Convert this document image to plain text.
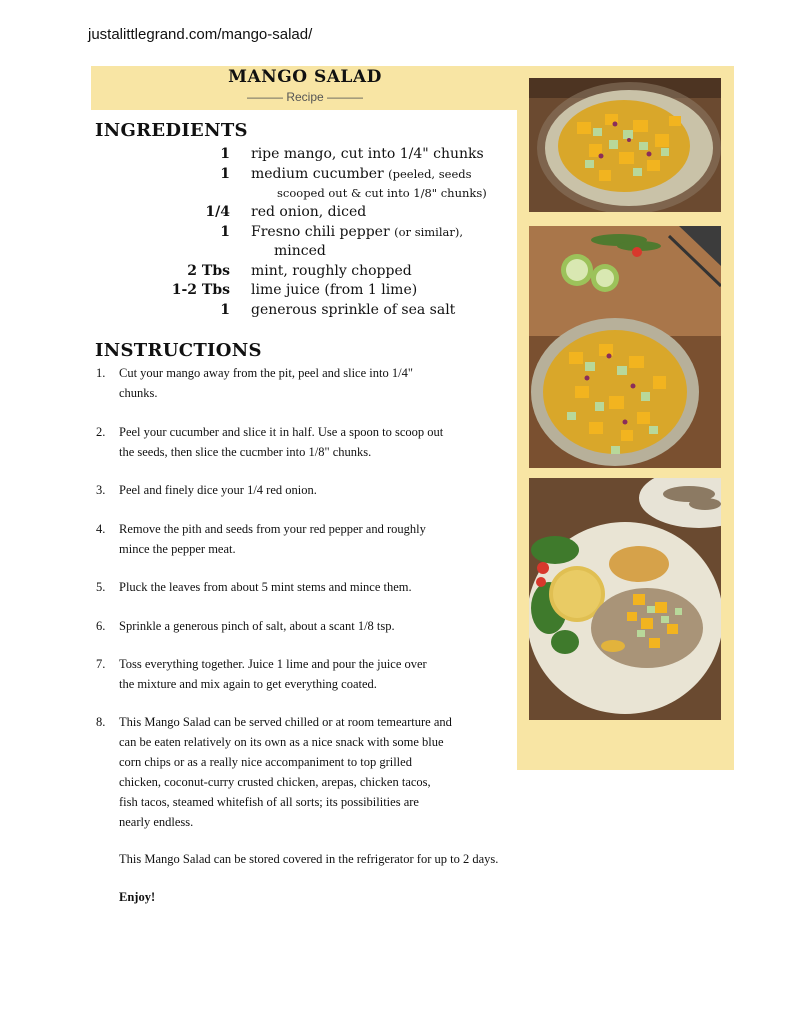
justalittlegrand.com/mango-salad/
MANGO SALAD
——— Recipe ———
INGREDIENTS
1 ripe mango, cut into 1/4" chunks
1 medium cucumber (peeled, seeds
scooped out & cut into 1/8" chunks)
1/4 red onion, diced
1 Fresno chili pepper (or similar),
minced
2 Tbs mint, roughly chopped
1-2 Tbs lime juice (from 1 lime)
1 generous sprinkle of sea salt
INSTRUCTIONS
1.	Cut your mango away from the pit, peel and slice into 1/4"
chunks.
2.	Peel your cucumber and slice it in half. Use a spoon to scoop out
the seeds, then slice the cucmber into 1/8" chunks.
3.	Peel and finely dice your 1/4 red onion.
4.	Remove the pith and seeds from your red pepper and roughly
mince the pepper meat.
5.	Pluck the leaves from about 5 mint stems and mince them.
6.	Sprinkle a generous pinch of salt, about a scant 1/8 tsp.
7.	Toss everything together. Juice 1 lime and pour the juice over
the mixture and mix again to get everything coated.
8.	This Mango Salad can be served chilled or at room temearture and
can be eaten relatively on its own as a nice snack with some blue
corn chips or as a really nice accompaniment to top grilled
chicken, coconut-curry crusted chicken, arepas, chicken tacos,
fish tacos, steamed whitefish of all sorts; its possibilities are
nearly endless.
This Mango Salad can be stored covered in the refrigerator for up to 2 days.
Enjoy!
